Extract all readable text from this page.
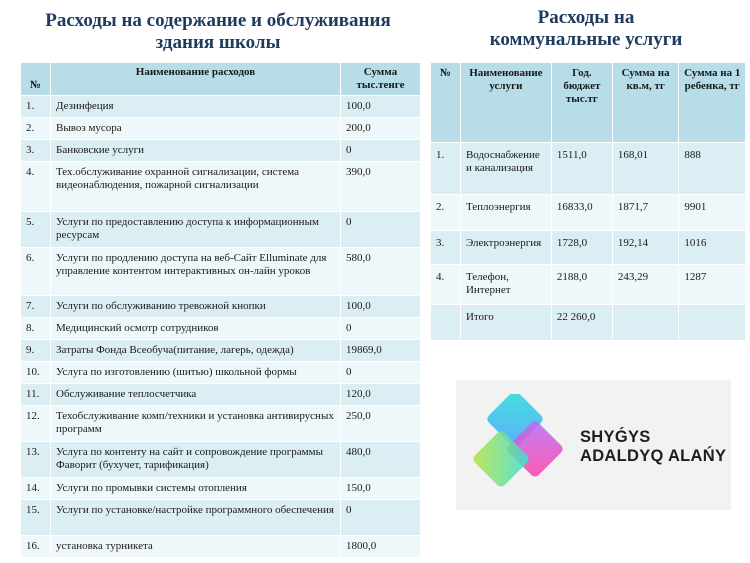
Расходы на содержание и обслуживания
здания школы
Расходы на
коммунальные услуги
№	Наименование расходов	Сумма тыс.тенге
1.	Дезинфеция	100,0
2.	Вывоз мусора	200,0
3.	Банковские услуги	0
4.	Тех.обслуживание охранной сигнализации, система видеонаблюдения, пожарной сигнализации	390,0
5.	Услуги по предоставлению доступа к информационным ресурсам	0
6.	Услуги по продлению доступа на веб-Сайт Elluminate для управление контентом интерактивных он-лайн уроков	580,0
7.	Услуги по обслуживанию тревожной кнопки	100,0
8.	Медицинский осмотр сотрудников	0
9.	Затраты Фонда Всеобуча(питание, лагерь, одежда)	19869,0
10.	Услуга по изготовлению (шитью) школьной формы	0
11.	Обслуживание теплосчетчика	120,0
12.	Техобслуживание комп/техники и установка антивирусных программ	250,0
13.	Услуга по контенту на сайт и сопровождение программы Фаворит (бухучет, тарификация)	480,0
14.	Услуги по промывки системы отопления	150,0
15.	Услуги по установке/настройке программного обеспечения	0
16.	установка турникета	1800,0
№	Наименование услуги	Год. бюджет тыс.тг	Сумма на кв.м, тг	Сумма на 1 ребенка, тг
1.	Водоснабжение и канализация	1511,0	168,01	888
2.	Теплоэнергия	16833,0	1871,7	9901
3.	Электроэнергия	1728,0	192,14	1016
4.	Телефон, Интернет	2188,0	243,29	1287
	Итого	22 260,0		
SHYǴYS
ADALDYQ ALAŃY
